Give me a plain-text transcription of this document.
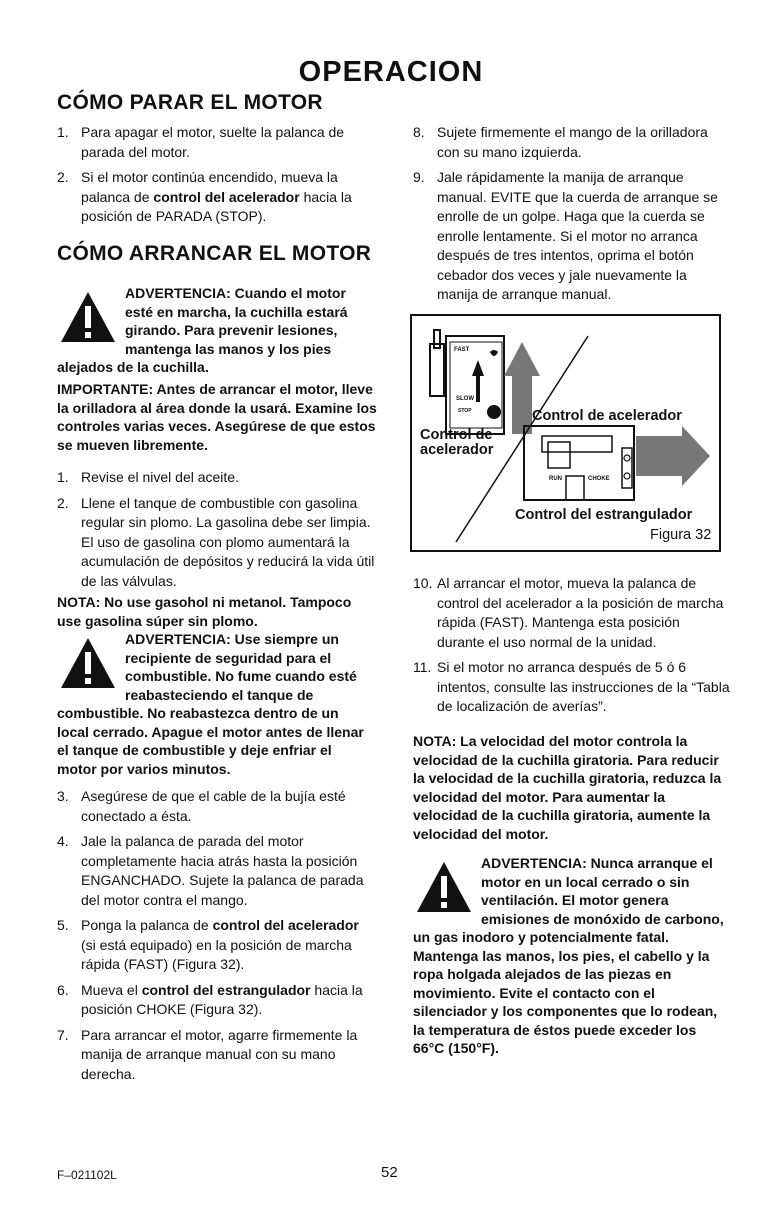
OPERACION
CÓMO PARAR EL MOTOR
1. Para apagar el motor, suelte la palanca de parada del motor.
2. Si el motor continúa encendido, mueva la palanca de control del acelerador hacia la posición de PARADA (STOP).
CÓMO ARRANCAR EL MOTOR
ADVERTENCIA: Cuando el motor esté en marcha, la cuchilla estará girando. Para prevenir lesiones, mantenga las manos y los pies alejados de la cuchilla.

IMPORTANTE: Antes de arrancar el motor, lleve la orilladora al área donde la usará. Examine los controles varias veces. Asegúrese de que estos se mueven libremente.

1. Revise el nivel del aceite.
2. Llene el tanque de combustible con gasolina regular sin plomo. La gasolina debe ser limpia. El uso de gasolina con plomo aumentará la acumulación de depósitos y reducirá la vida útil de las válvulas.

NOTA: No use gasohol ni metanol. Tampoco use gasolina súper sin plomo.

ADVERTENCIA: Use siempre un recipiente de seguridad para el combustible. No fume cuando esté reabasteciendo el tanque de combustible. No reabastezca dentro de un local cerrado. Apague el motor antes de llenar el tanque de combustible y deje enfriar el motor por varios minutos.
3. Asegúrese de que el cable de la bujía esté conectado a ésta.
4. Jale la palanca de parada del motor completamente hacia atrás hasta la posición ENGANCHADO. Sujete la palanca de parada del motor contra el mango.
5. Ponga la palanca de control del acelerador (si está equipado) en la posición de marcha rápida (FAST) (Figura 32).
6. Mueva el control del estrangulador hacia la posición CHOKE (Figura 32).
7. Para arrancar el motor, agarre firmemente la manija de arranque manual con su mano derecha.
8. Sujete firmemente el mango de la orilladora con su mano izquierda.
9. Jale rápidamente la manija de arranque manual. EVITE que la cuerda de arranque se enrolle de un golpe. Haga que la cuerda se enrolle lentamente. Si el motor no arranca después de tres intentos, oprima el botón cebador dos veces y jale nuevamente la manija de arranque manual.
Control de acelerador
Control de
acelerador
Control del estrangulador
Figura 32
FAST
SLOW
STOP
RUN	CHOKE
10. Al arrancar el motor, mueva la palanca de control del acelerador a la posición de marcha rápida (FAST). Mantenga esta posición durante el uso normal de la unidad.
11. Si el motor no arranca después de 5 ó 6 intentos, consulte las instrucciones de la “Tabla de localización de averías”.

NOTA: La velocidad del motor controla la velocidad de la cuchilla giratoria. Para reducir la velocidad de la cuchilla giratoria, reduzca la velocidad del motor. Para aumentar la velocidad de la cuchilla giratoria, aumente la velocidad del motor.

ADVERTENCIA: Nunca arranque el motor en un local cerrado o sin ventilación. El motor genera emisiones de monóxido de carbono, un gas inodoro y potencialmente fatal. Mantenga las manos, los pies, el cabello y la ropa holgada alejados de las piezas en movimiento. Evite el contacto con el silenciador y los componentes que lo rodean, la temperatura de éstos puede exceder los 66°C (150°F).
F–021102L	52
